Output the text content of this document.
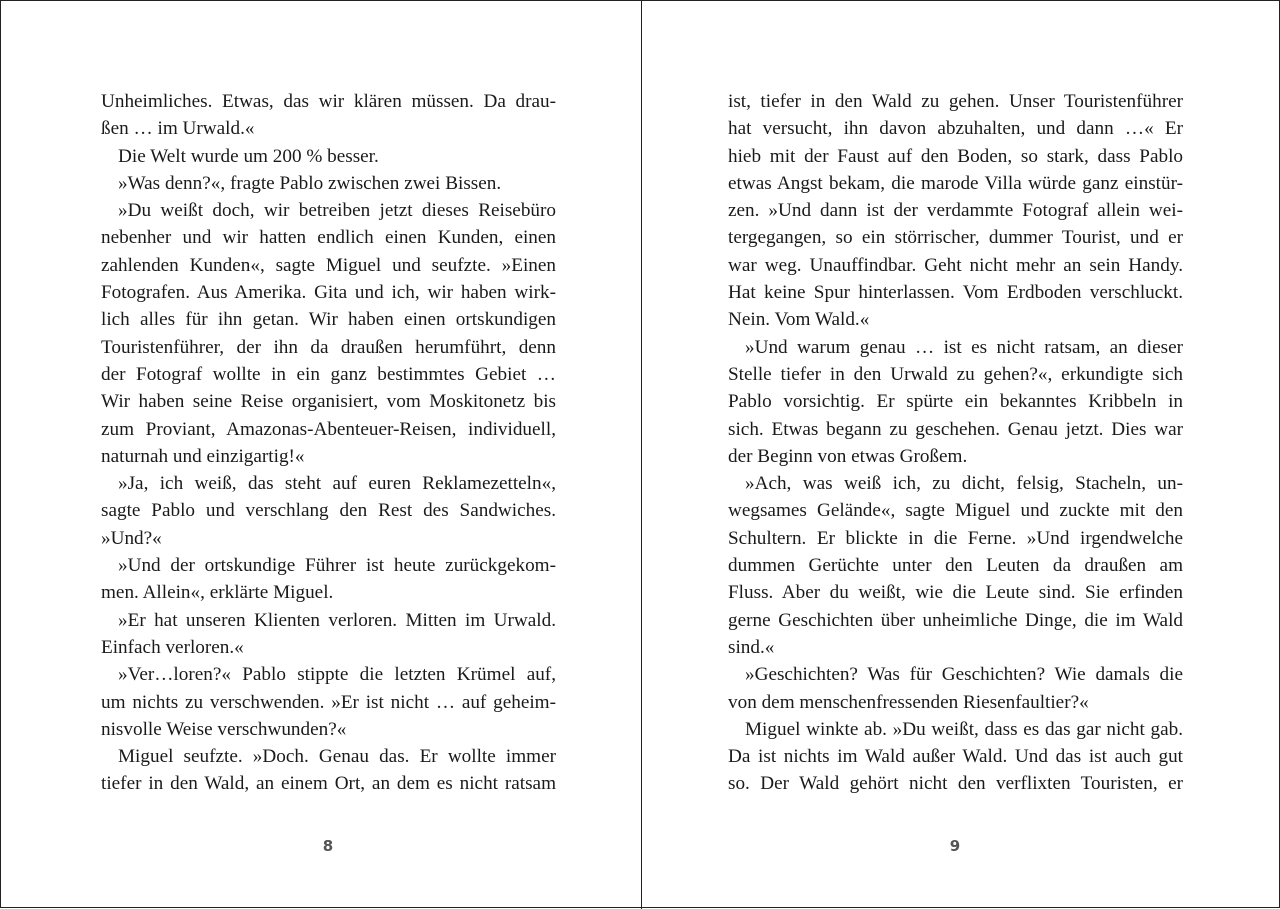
Unheimliches. Etwas, das wir klären müssen. Da drau-
ßen … im Urwald.«
Die Welt wurde um 200 % besser.
»Was denn?«, fragte Pablo zwischen zwei Bissen.
»Du weißt doch, wir betreiben jetzt dieses Reisebüro
nebenher und wir hatten endlich einen Kunden, einen
zahlenden Kunden«, sagte Miguel und seufzte. »Einen
Fotografen. Aus Amerika. Gita und ich, wir haben wirk-
lich alles für ihn getan. Wir haben einen ortskundigen
Touristenführer, der ihn da draußen herumführt, denn
der Fotograf wollte in ein ganz bestimmtes Gebiet …
Wir haben seine Reise organisiert, vom Moskitonetz bis
zum Proviant, Amazonas-Abenteuer-Reisen, individuell,
naturnah und einzigartig!«
»Ja, ich weiß, das steht auf euren Reklamezetteln«,
sagte Pablo und verschlang den Rest des Sandwiches.
»Und?«
»Und der ortskundige Führer ist heute zurückgekom-
men. Allein«, erklärte Miguel.
»Er hat unseren Klienten verloren. Mitten im Urwald.
Einfach verloren.«
»Ver…loren?« Pablo stippte die letzten Krümel auf,
um nichts zu verschwenden. »Er ist nicht … auf geheim-
nisvolle Weise verschwunden?«
Miguel seufzte. »Doch. Genau das. Er wollte immer
tiefer in den Wald, an einem Ort, an dem es nicht ratsam
8
ist, tiefer in den Wald zu gehen. Unser Touristenführer
hat versucht, ihn davon abzuhalten, und dann …« Er
hieb mit der Faust auf den Boden, so stark, dass Pablo
etwas Angst bekam, die marode Villa würde ganz einstür-
zen. »Und dann ist der verdammte Fotograf allein wei-
tergegangen, so ein störrischer, dummer Tourist, und er
war weg. Unauffindbar. Geht nicht mehr an sein Handy.
Hat keine Spur hinterlassen. Vom Erdboden verschluckt.
Nein. Vom Wald.«
»Und warum genau … ist es nicht ratsam, an dieser
Stelle tiefer in den Urwald zu gehen?«, erkundigte sich
Pablo vorsichtig. Er spürte ein bekanntes Kribbeln in
sich. Etwas begann zu geschehen. Genau jetzt. Dies war
der Beginn von etwas Großem.
»Ach, was weiß ich, zu dicht, felsig, Stacheln, un-
wegsames Gelände«, sagte Miguel und zuckte mit den
Schultern. Er blickte in die Ferne. »Und irgendwelche
dummen Gerüchte unter den Leuten da draußen am
Fluss. Aber du weißt, wie die Leute sind. Sie erfinden
gerne Geschichten über unheimliche Dinge, die im Wald
sind.«
»Geschichten? Was für Geschichten? Wie damals die
von dem menschenfressenden Riesenfaultier?«
Miguel winkte ab. »Du weißt, dass es das gar nicht gab.
Da ist nichts im Wald außer Wald. Und das ist auch gut
so. Der Wald gehört nicht den verflixten Touristen, er
9
